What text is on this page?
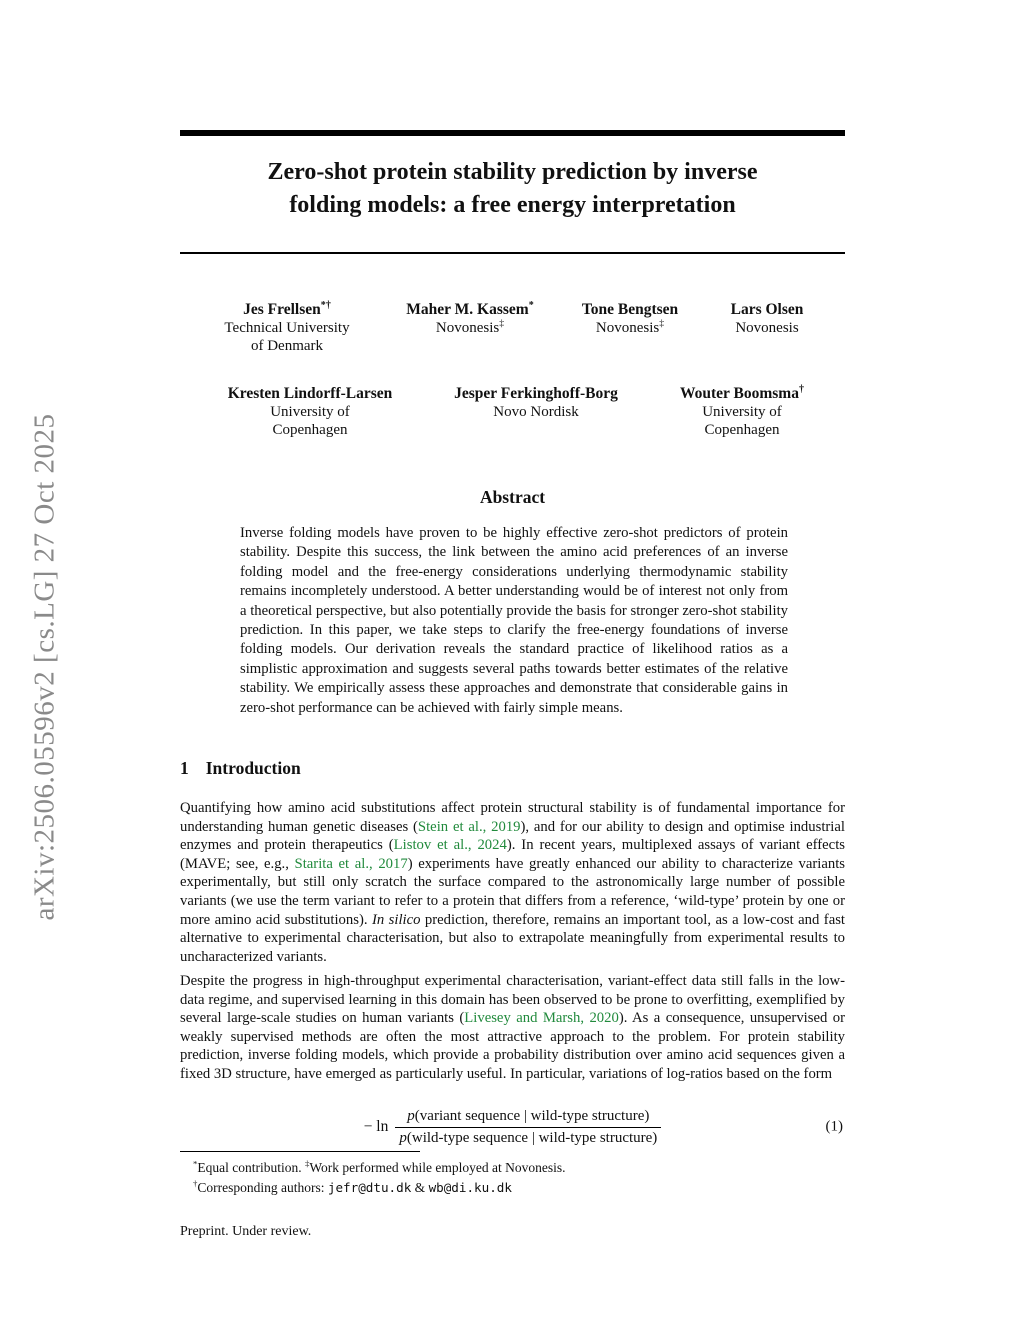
arXiv:2506.05596v2 [cs.LG] 27 Oct 2025
Zero-shot protein stability prediction by inverse
folding models: a free energy interpretation
Jes Frellsen*†
Technical University
of Denmark
Maher M. Kassem*
Novonesis‡
Tone Bengtsen
Novonesis‡
Lars Olsen
Novonesis
Kresten Lindorff-Larsen
University of
Copenhagen
Jesper Ferkinghoff-Borg
Novo Nordisk
Wouter Boomsma†
University of
Copenhagen
Abstract
Inverse folding models have proven to be highly effective zero-shot predictors of protein stability. Despite this success, the link between the amino acid preferences of an inverse folding model and the free-energy considerations underlying thermodynamic stability remains incompletely understood. A better understanding would be of interest not only from a theoretical perspective, but also potentially provide the basis for stronger zero-shot stability prediction. In this paper, we take steps to clarify the free-energy foundations of inverse folding models. Our derivation reveals the standard practice of likelihood ratios as a simplistic approximation and suggests several paths towards better estimates of the relative stability. We empirically assess these approaches and demonstrate that considerable gains in zero-shot performance can be achieved with fairly simple means.
1 Introduction
Quantifying how amino acid substitutions affect protein structural stability is of fundamental importance for understanding human genetic diseases (Stein et al., 2019), and for our ability to design and optimise industrial enzymes and protein therapeutics (Listov et al., 2024). In recent years, multiplexed assays of variant effects (MAVE; see, e.g., Starita et al., 2017) experiments have greatly enhanced our ability to characterize variants experimentally, but still only scratch the surface compared to the astronomically large number of possible variants (we use the term variant to refer to a protein that differs from a reference, ‘wild-type’ protein by one or more amino acid substitutions). In silico prediction, therefore, remains an important tool, as a low-cost and fast alternative to experimental characterisation, but also to extrapolate meaningfully from experimental results to uncharacterized variants.
Despite the progress in high-throughput experimental characterisation, variant-effect data still falls in the low-data regime, and supervised learning in this domain has been observed to be prone to overfitting, exemplified by several large-scale studies on human variants (Livesey and Marsh, 2020). As a consequence, unsupervised or weakly supervised methods are often the most attractive approach to the problem. For protein stability prediction, inverse folding models, which provide a probability distribution over amino acid sequences given a fixed 3D structure, have emerged as particularly useful. In particular, variations of log-ratios based on the form
− $\ln \frac{\text{p(variant sequence | wild-type structure)}}{\text{p(wild-type sequence | wild-type structure)}}$	(1)
*Equal contribution. ‡Work performed while employed at Novonesis.
†Corresponding authors: jefr@dtu.dk & wb@di.ku.dk
Preprint. Under review.
